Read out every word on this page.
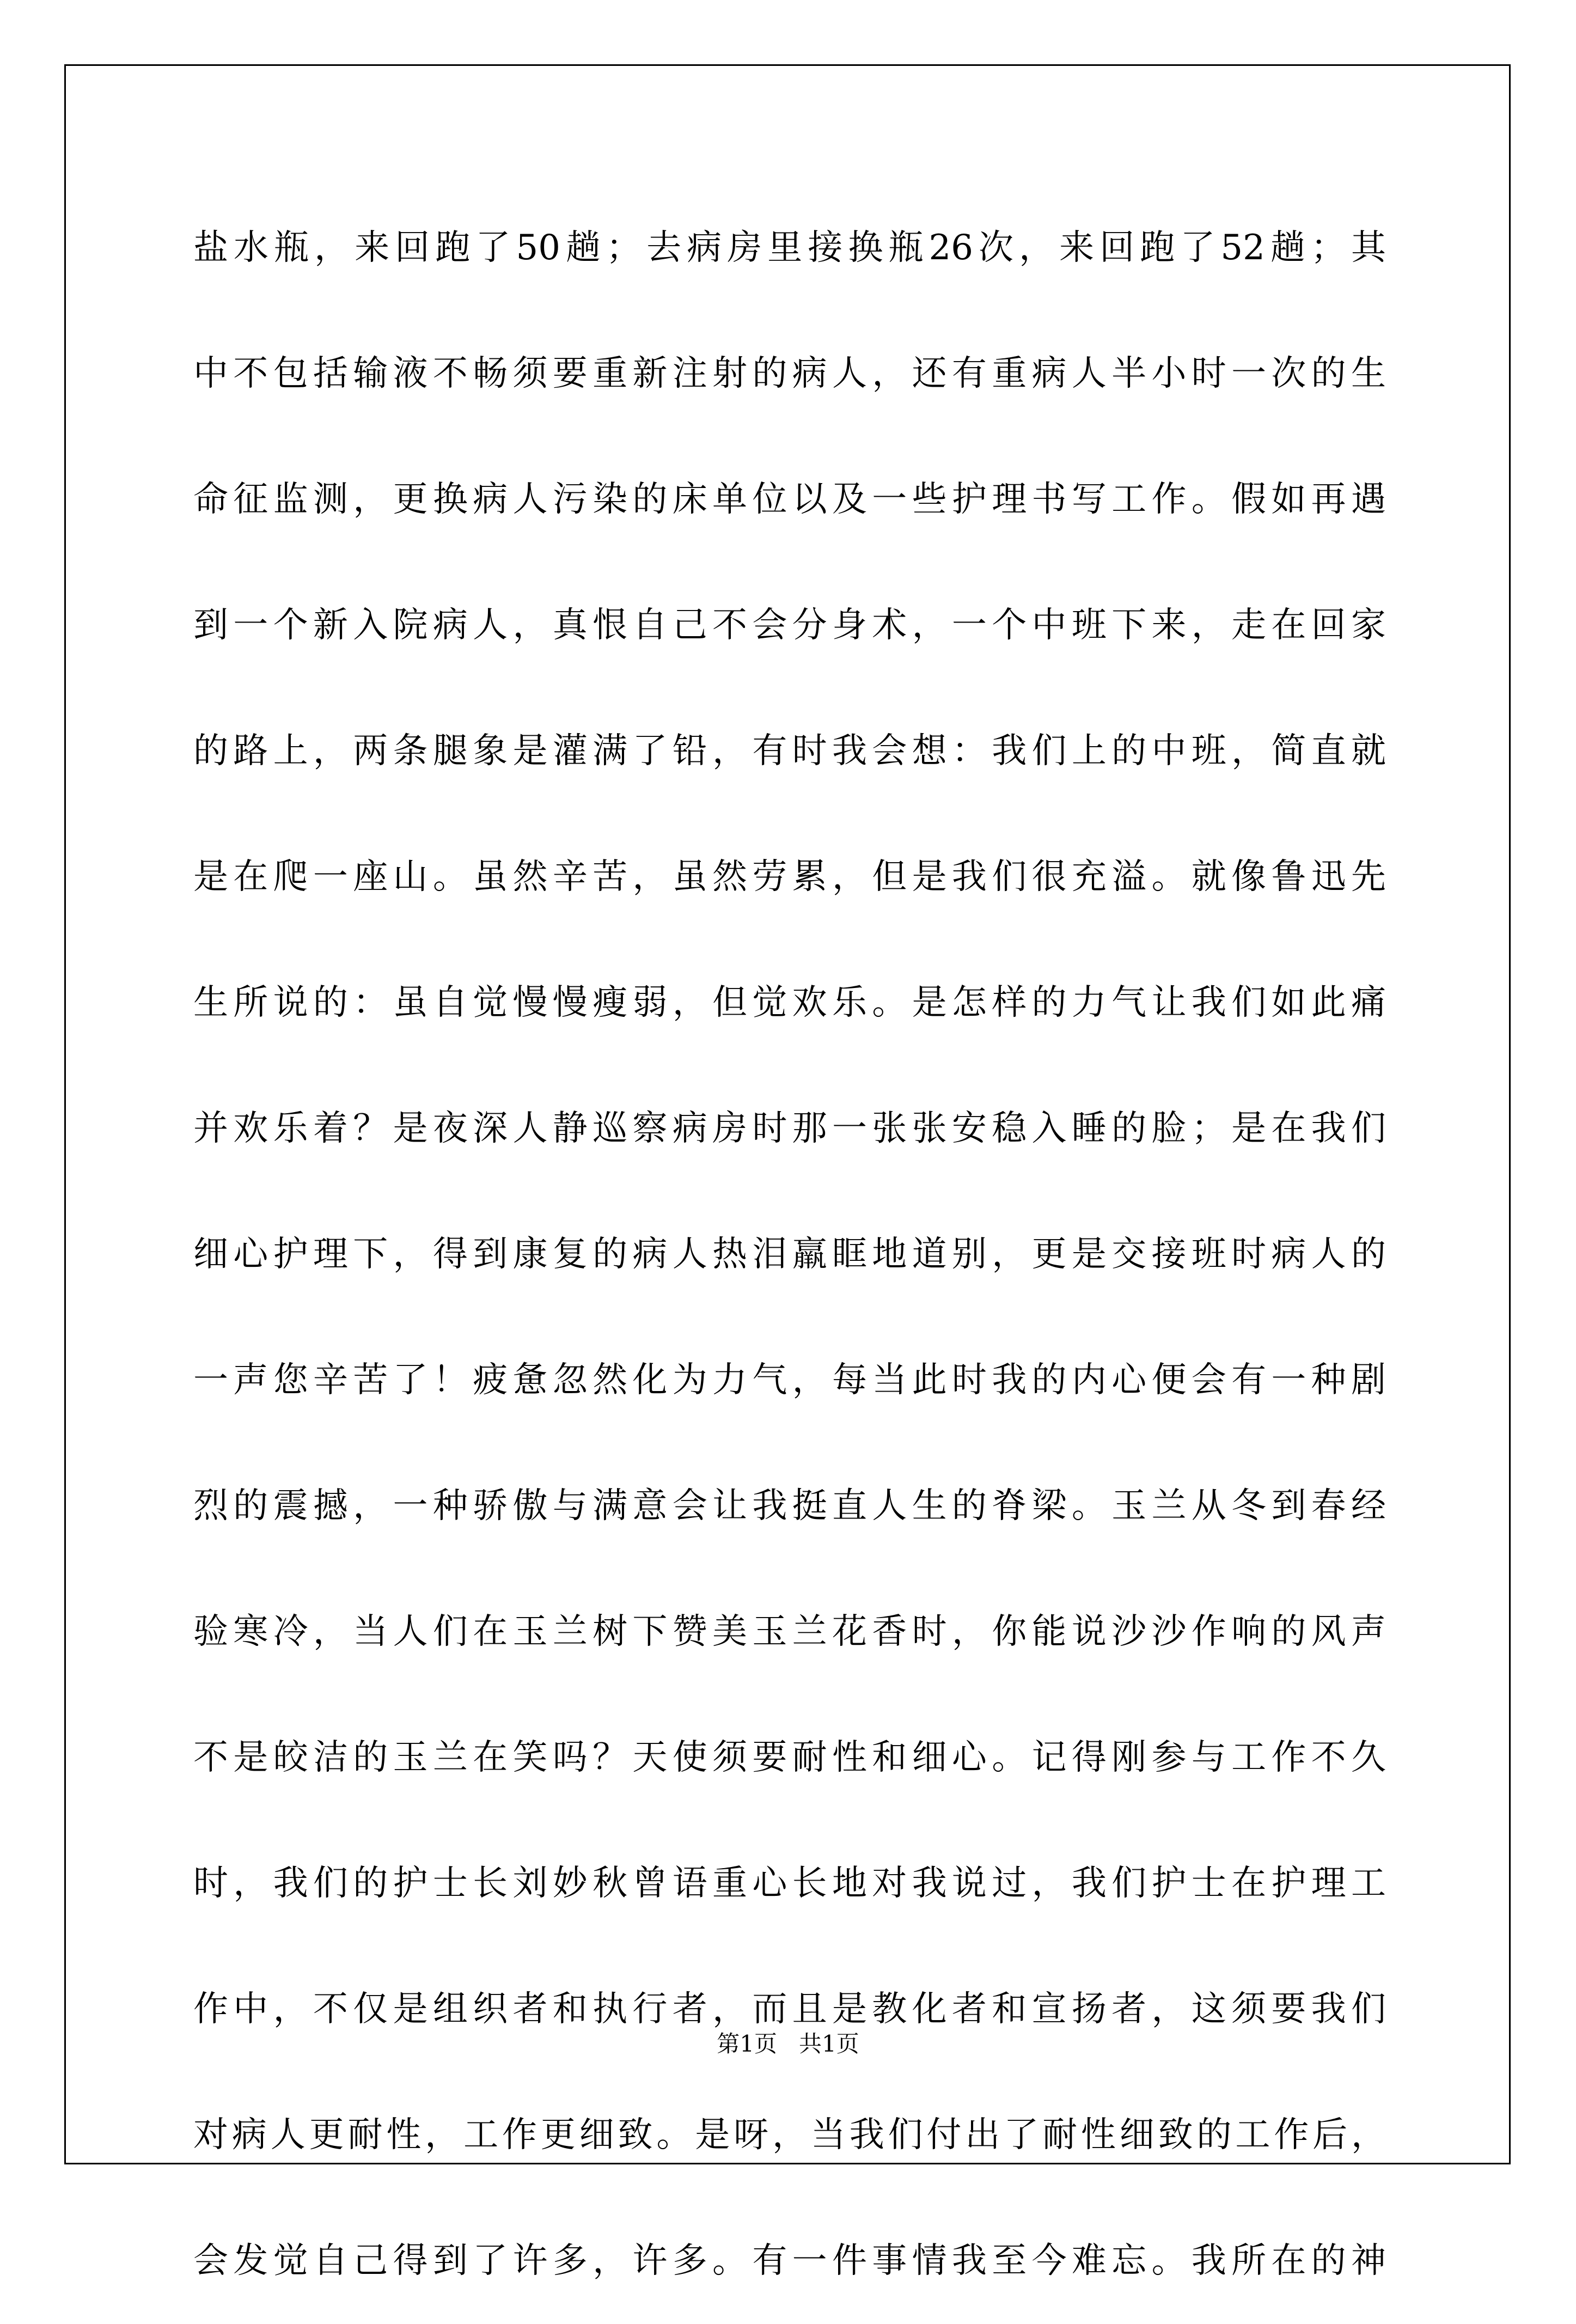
盐水瓶，来回跑了50趟；去病房里接换瓶26次，来回跑了52趟；其
中不包括输液不畅须要重新注射的病人，还有重病人半小时一次的生
命征监测，更换病人污染的床单位以及一些护理书写工作。假如再遇
到一个新入院病人，真恨自己不会分身术，一个中班下来，走在回家
的路上，两条腿象是灌满了铅，有时我会想：我们上的中班，简直就
是在爬一座山。虽然辛苦，虽然劳累，但是我们很充溢。就像鲁迅先
生所说的：虽自觉慢慢瘦弱，但觉欢乐。是怎样的力气让我们如此痛
并欢乐着？是夜深人静巡察病房时那一张张安稳入睡的脸；是在我们
细心护理下，得到康复的病人热泪羸眶地道别，更是交接班时病人的
一声您辛苦了！疲惫忽然化为力气，每当此时我的内心便会有一种剧
烈的震撼，一种骄傲与满意会让我挺直人生的脊梁。玉兰从冬到春经
验寒冷，当人们在玉兰树下赞美玉兰花香时，你能说沙沙作响的风声
不是皎洁的玉兰在笑吗？天使须要耐性和细心。记得刚参与工作不久
时，我们的护士长刘妙秋曾语重心长地对我说过，我们护士在护理工
作中，不仅是组织者和执行者，而且是教化者和宣扬者，这须要我们
对病人更耐性，工作更细致。是呀，当我们付出了耐性细致的工作后，
会发觉自己得到了许多，许多。有一件事情我至今难忘。我所在的神
第1页   共1页
